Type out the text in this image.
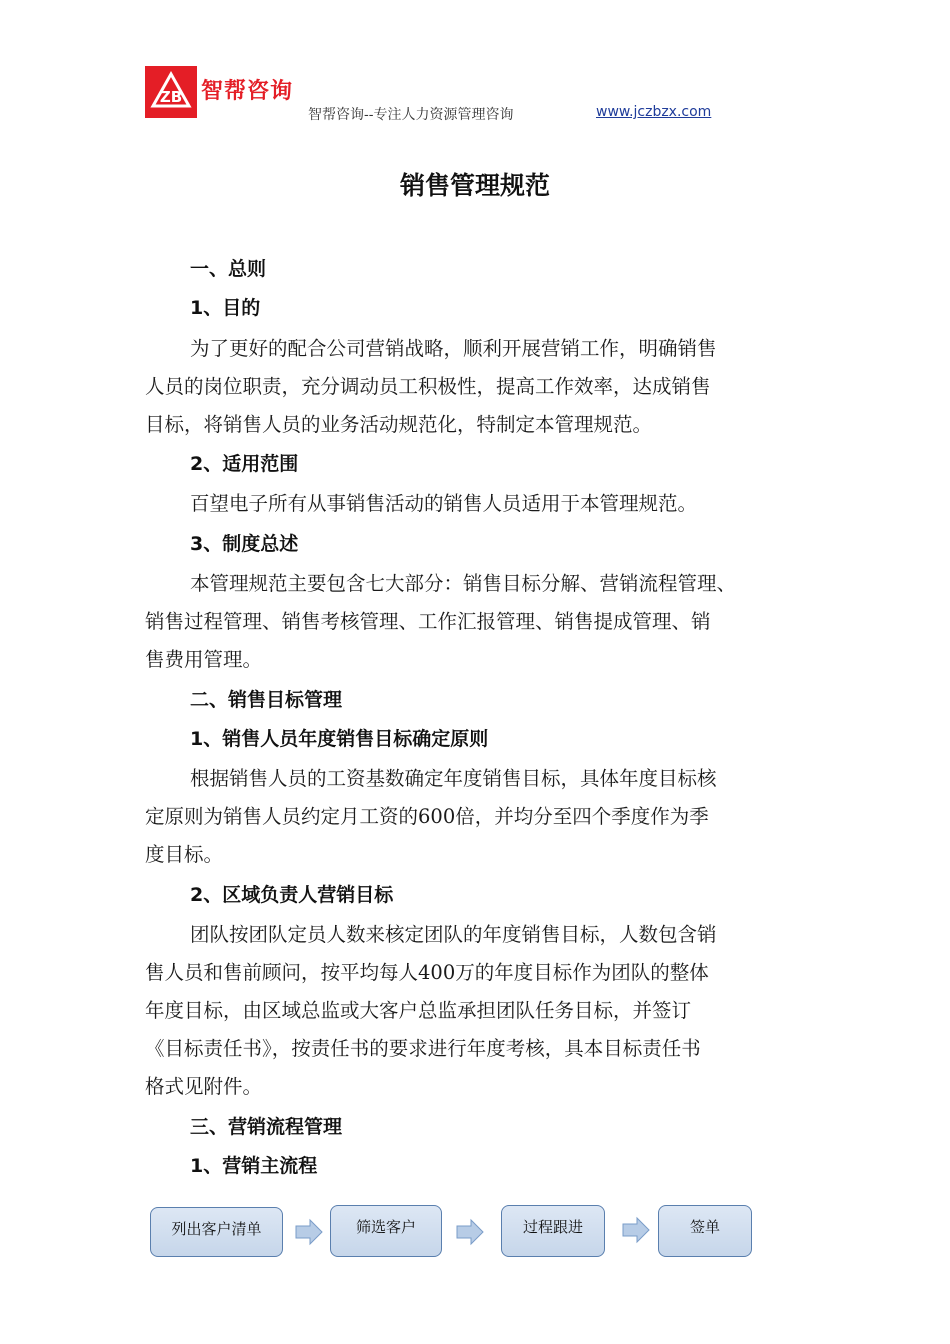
ZB 智帮咨询
智帮咨询--专注人力资源管理咨询	www.jczbzx.com
销售管理规范
一、总则
1、目的
为了更好的配合公司营销战略，顺利开展营销工作，明确销售
人员的岗位职责，充分调动员工积极性，提高工作效率，达成销售
目标，将销售人员的业务活动规范化，特制定本管理规范。
2、适用范围
百望电子所有从事销售活动的销售人员适用于本管理规范。
3、制度总述
本管理规范主要包含七大部分：销售目标分解、营销流程管理、
销售过程管理、销售考核管理、工作汇报管理、销售提成管理、销
售费用管理。
二、销售目标管理
1、销售人员年度销售目标确定原则
根据销售人员的工资基数确定年度销售目标，具体年度目标核
定原则为销售人员约定月工资的600倍，并均分至四个季度作为季
度目标。
2、区域负责人营销目标
团队按团队定员人数来核定团队的年度销售目标，人数包含销
售人员和售前顾问，按平均每人400万的年度目标作为团队的整体
年度目标，由区域总监或大客户总监承担团队任务目标，并签订
《目标责任书》，按责任书的要求进行年度考核，具本目标责任书
格式见附件。
三、营销流程管理
1、营销主流程
列出客户清单	筛选客户	过程跟进	签单
